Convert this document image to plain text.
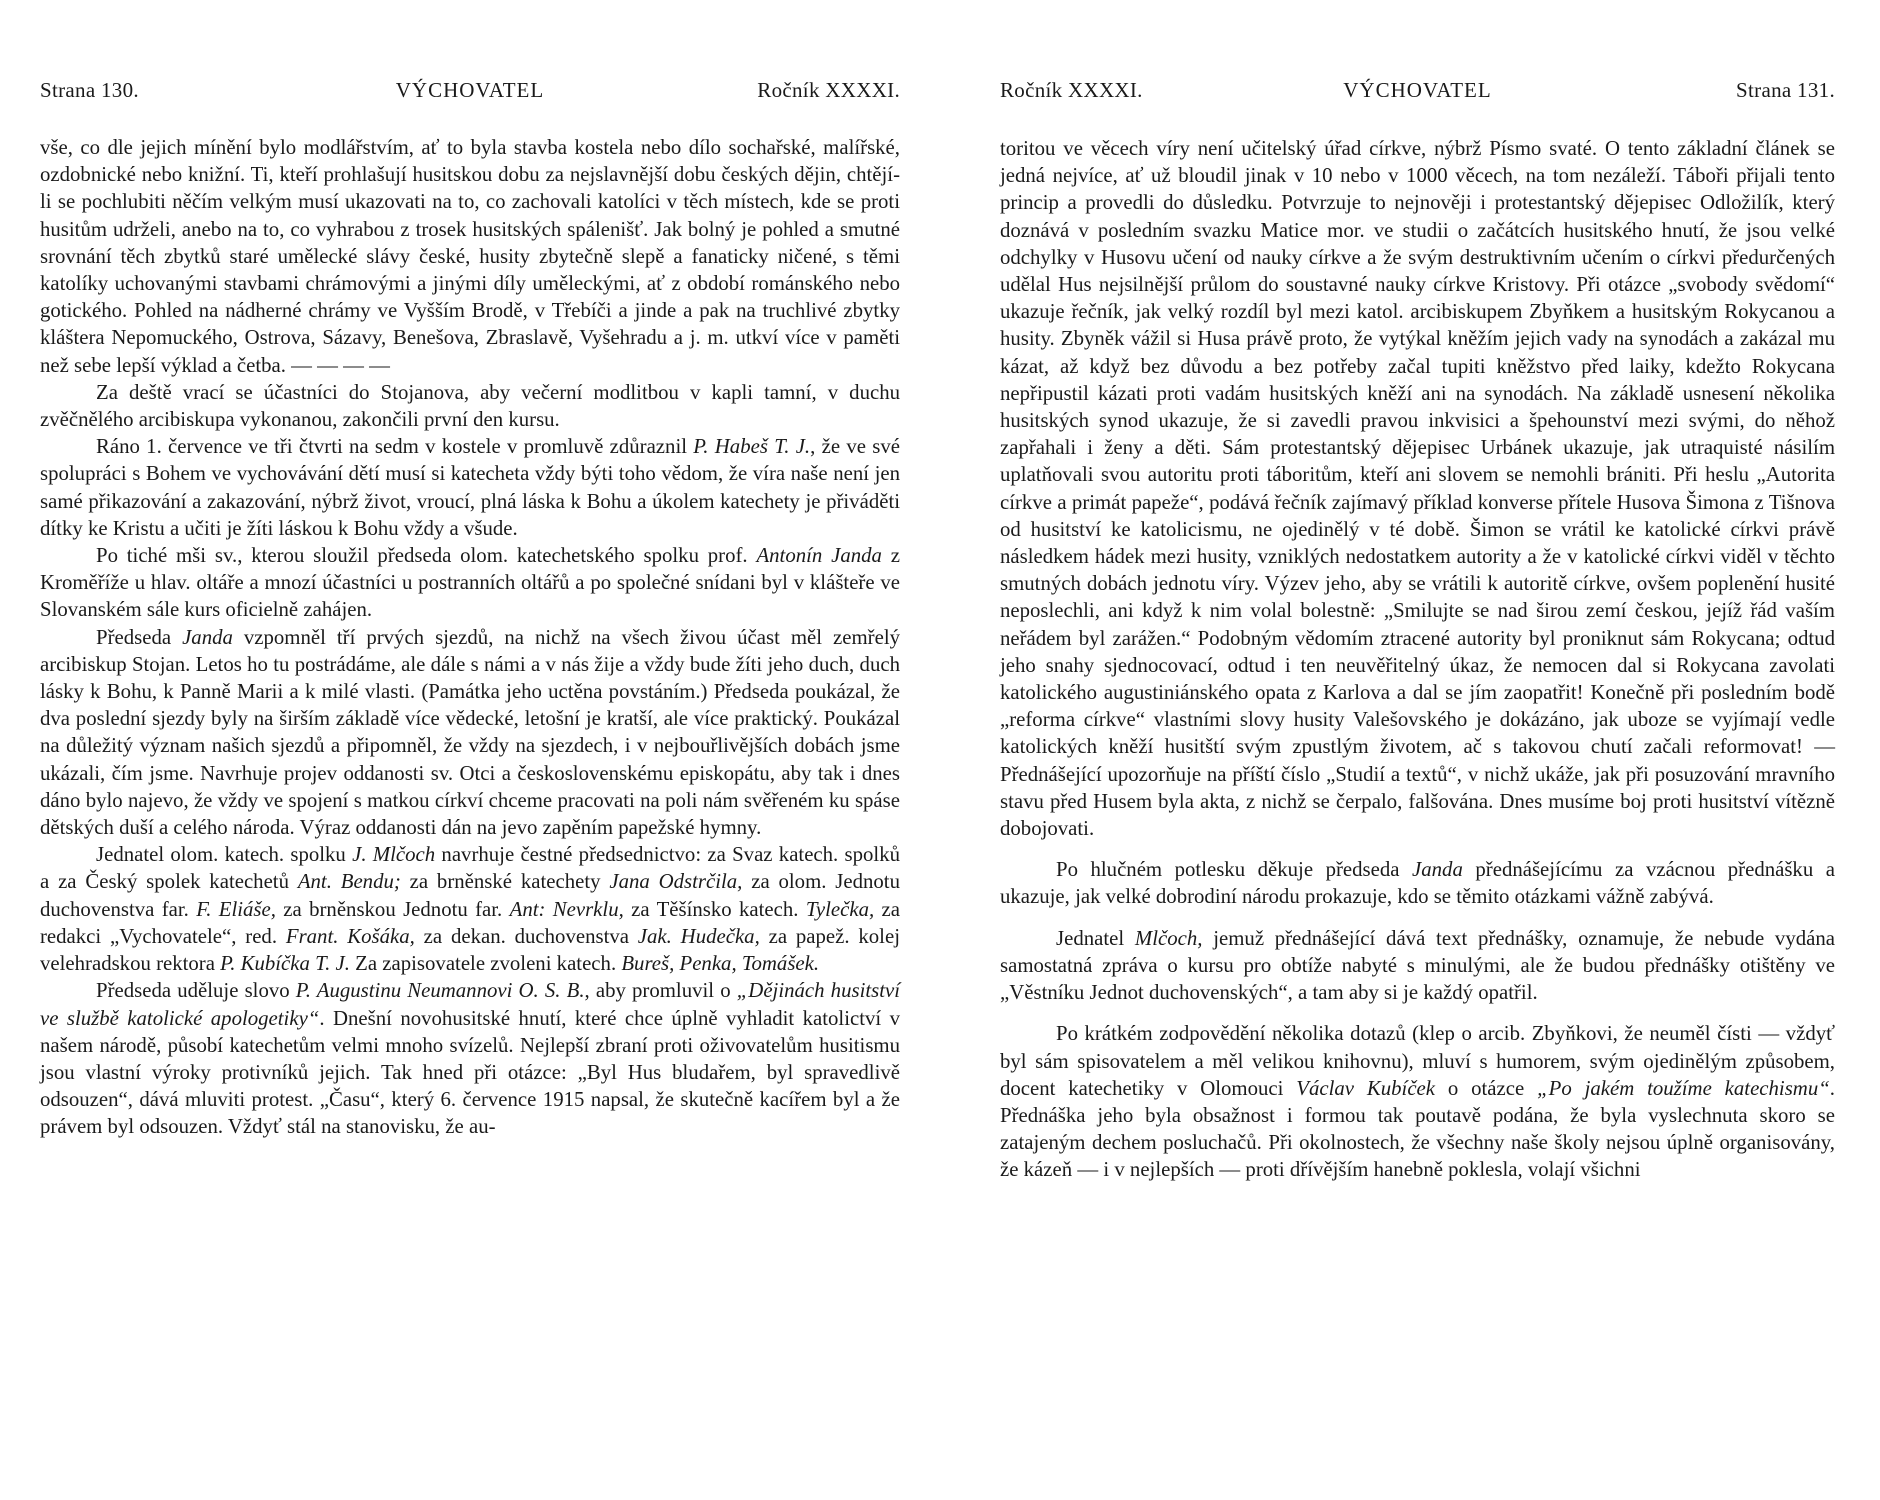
Strana 130.	VÝCHOVATEL	Ročník XXXXI.

vše, co dle jejich mínění bylo modlářstvím, ať to byla stavba kostela nebo dílo sochařské, malířské, ozdobnické nebo knižní. Ti, kteří prohlašují husitskou dobu za nejslavnější dobu českých dějin, chtějí-li se pochlubiti něčím velkým musí ukazovati na to, co zachovali katolíci v těch místech, kde se proti husitům udrželi, anebo na to, co vyhrabou z trosek husitských spálenišť. Jak bolný je pohled a smutné srovnání těch zbytků staré umělecké slávy české, husity zbytečně slepě a fanaticky ničené, s těmi katolíky uchovanými stavbami chrámovými a jinými díly uměleckými, ať z období románského nebo gotického. Pohled na nádherné chrámy ve Vyšším Brodě, v Třebíči a jinde a pak na truchlivé zbytky kláštera Nepomuckého, Ostrova, Sázavy, Benešova, Zbraslavě, Vyšehradu a j. m. utkví více v paměti než sebe lepší výklad a četba. — — — —

Za deště vrací se účastníci do Stojanova, aby večerní modlitbou v kapli tamní, v duchu zvěčnělého arcibiskupa vykonanou, zakončili první den kursu.

Ráno 1. července ve tři čtvrti na sedm v kostele v promluvě zdůraznil P. Habeš T. J., že ve své spolupráci s Bohem ve vychovávání dětí musí si katecheta vždy býti toho vědom, že víra naše není jen samé přikazování a zakazování, nýbrž život, vroucí, plná láska k Bohu a úkolem katechety je přiváděti dítky ke Kristu a učiti je žíti láskou k Bohu vždy a všude.

Po tiché mši sv., kterou sloužil předseda olom. katechetského spolku prof. Antonín Janda z Kroměříže u hlav. oltáře a mnozí účastníci u postranních oltářů a po společné snídani byl v klášteře ve Slovanském sále kurs oficielně zahájen.

Předseda Janda vzpomněl tří prvých sjezdů, na nichž na všech živou účast měl zemřelý arcibiskup Stojan. Letos ho tu postrádáme, ale dále s námi a v nás žije a vždy bude žíti jeho duch, duch lásky k Bohu, k Panně Marii a k milé vlasti. (Památka jeho uctěna povstáním.) Předseda poukázal, že dva poslední sjezdy byly na širším základě více vědecké, letošní je kratší, ale více praktický. Poukázal na důležitý význam našich sjezdů a připomněl, že vždy na sjezdech, i v nejbouřlivějších dobách jsme ukázali, čím jsme. Navrhuje projev oddanosti sv. Otci a československému episkopátu, aby tak i dnes dáno bylo najevo, že vždy ve spojení s matkou církví chceme pracovati na poli nám svěřeném ku spáse dětských duší a celého národa. Výraz oddanosti dán na jevo zapěním papežské hymny.

Jednatel olom. katech. spolku J. Mlčoch navrhuje čestné předsednictvo: za Svaz katech. spolků a za Český spolek katechetů Ant. Bendu; za brněnské katechety Jana Odstrčila, za olom. Jednotu duchovenstva far. F. Eliáše, za brněnskou Jednotu far. Ant: Nevrklu, za Těšínsko katech. Tylečka, za redakci „Vychovatele“, red. Frant. Košáka, za dekan. duchovenstva Jak. Hudečka, za papež. kolej velehradskou rektora P. Kubíčka T. J. Za zapisovatele zvoleni katech. Bureš, Penka, Tomášek.

Předseda uděluje slovo P. Augustinu Neumannovi O. S. B., aby promluvil o „Dějinách husitství ve službě katolické apologetiky“. Dnešní novohusitské hnutí, které chce úplně vyhladit katolictví v našem národě, působí katechetům velmi mnoho svízelů. Nejlepší zbraní proti oživovatelům husitismu jsou vlastní výroky protivníků jejich. Tak hned při otázce: „Byl Hus bludařem, byl spravedlivě odsouzen“, dává mluviti protest. „Času“, který 6. července 1915 napsal, že skutečně kacířem byl a že právem byl odsouzen. Vždyť stál na stanovisku, že au-

Ročník XXXXI.	VÝCHOVATEL	Strana 131.

toritou ve věcech víry není učitelský úřad církve, nýbrž Písmo svaté. O tento základní článek se jedná nejvíce, ať už bloudil jinak v 10 nebo v 1000 věcech, na tom nezáleží. Táboři přijali tento princip a provedli do důsledku. Potvrzuje to nejnověji i protestantský dějepisec Odložilík, který doznává v posledním svazku Matice mor. ve studii o začátcích husitského hnutí, že jsou velké odchylky v Husovu učení od nauky církve a že svým destruktivním učením o církvi předurčených udělal Hus nejsilnější průlom do soustavné nauky církve Kristovy. Při otázce „svobody svědomí“ ukazuje řečník, jak velký rozdíl byl mezi katol. arcibiskupem Zbyňkem a husitským Rokycanou a husity. Zbyněk vážil si Husa právě proto, že vytýkal kněžím jejich vady na synodách a zakázal mu kázat, až když bez důvodu a bez potřeby začal tupiti kněžstvo před laiky, kdežto Rokycana nepřipustil kázati proti vadám husitských kněží ani na synodách. Na základě usnesení několika husitských synod ukazuje, že si zavedli pravou inkvisici a špehounství mezi svými, do něhož zapřahali i ženy a děti. Sám protestantský dějepisec Urbánek ukazuje, jak utraquisté násilím uplatňovali svou autoritu proti táboritům, kteří ani slovem se nemohli brániti. Při heslu „Autorita církve a primát papeže“, podává řečník zajímavý příklad konverse přítele Husova Šimona z Tišnova od husitství ke katolicismu, ne ojedinělý v té době. Šimon se vrátil ke katolické církvi právě následkem hádek mezi husity, vzniklých nedostatkem autority a že v katolické církvi viděl v těchto smutných dobách jednotu víry. Výzev jeho, aby se vrátili k autoritě církve, ovšem poplenění husité neposlechli, ani když k nim volal bolestně: „Smilujte se nad širou zemí českou, jejíž řád vaším neřádem byl zarážen.“ Podobným vědomím ztracené autority byl proniknut sám Rokycana; odtud jeho snahy sjednocovací, odtud i ten neuvěřitelný úkaz, že nemocen dal si Rokycana zavolati katolického augustiniánského opata z Karlova a dal se jím zaopatřit! Konečně při posledním bodě „reforma církve“ vlastními slovy husity Valešovského je dokázáno, jak uboze se vyjímají vedle katolických kněží husitští svým zpustlým životem, ač s takovou chutí začali reformovat! — Přednášející upozorňuje na příští číslo „Studií a textů“, v nichž ukáže, jak při posuzování mravního stavu před Husem byla akta, z nichž se čerpalo, falšována. Dnes musíme boj proti husitství vítězně dobojovati.

Po hlučném potlesku děkuje předseda Janda přednášejícímu za vzácnou přednášku a ukazuje, jak velké dobrodiní národu prokazuje, kdo se těmito otázkami vážně zabývá.

Jednatel Mlčoch, jemuž přednášející dává text přednášky, oznamuje, že nebude vydána samostatná zpráva o kursu pro obtíže nabyté s minulými, ale že budou přednášky otištěny ve „Věstníku Jednot duchovenských“, a tam aby si je každý opatřil.

Po krátkém zodpovědění několika dotazů (klep o arcib. Zbyňkovi, že neuměl čísti — vždyť byl sám spisovatelem a měl velikou knihovnu), mluví s humorem, svým ojedinělým způsobem, docent katechetiky v Olomouci Václav Kubíček o otázce „Po jakém toužíme katechismu“. Přednáška jeho byla obsažnost i formou tak poutavě podána, že byla vyslechnuta skoro se zatajeným dechem posluchačů. Při okolnostech, že všechny naše školy nejsou úplně organisovány, že kázeň — i v nejlepších — proti dřívějším hanebně poklesla, volají všichni
